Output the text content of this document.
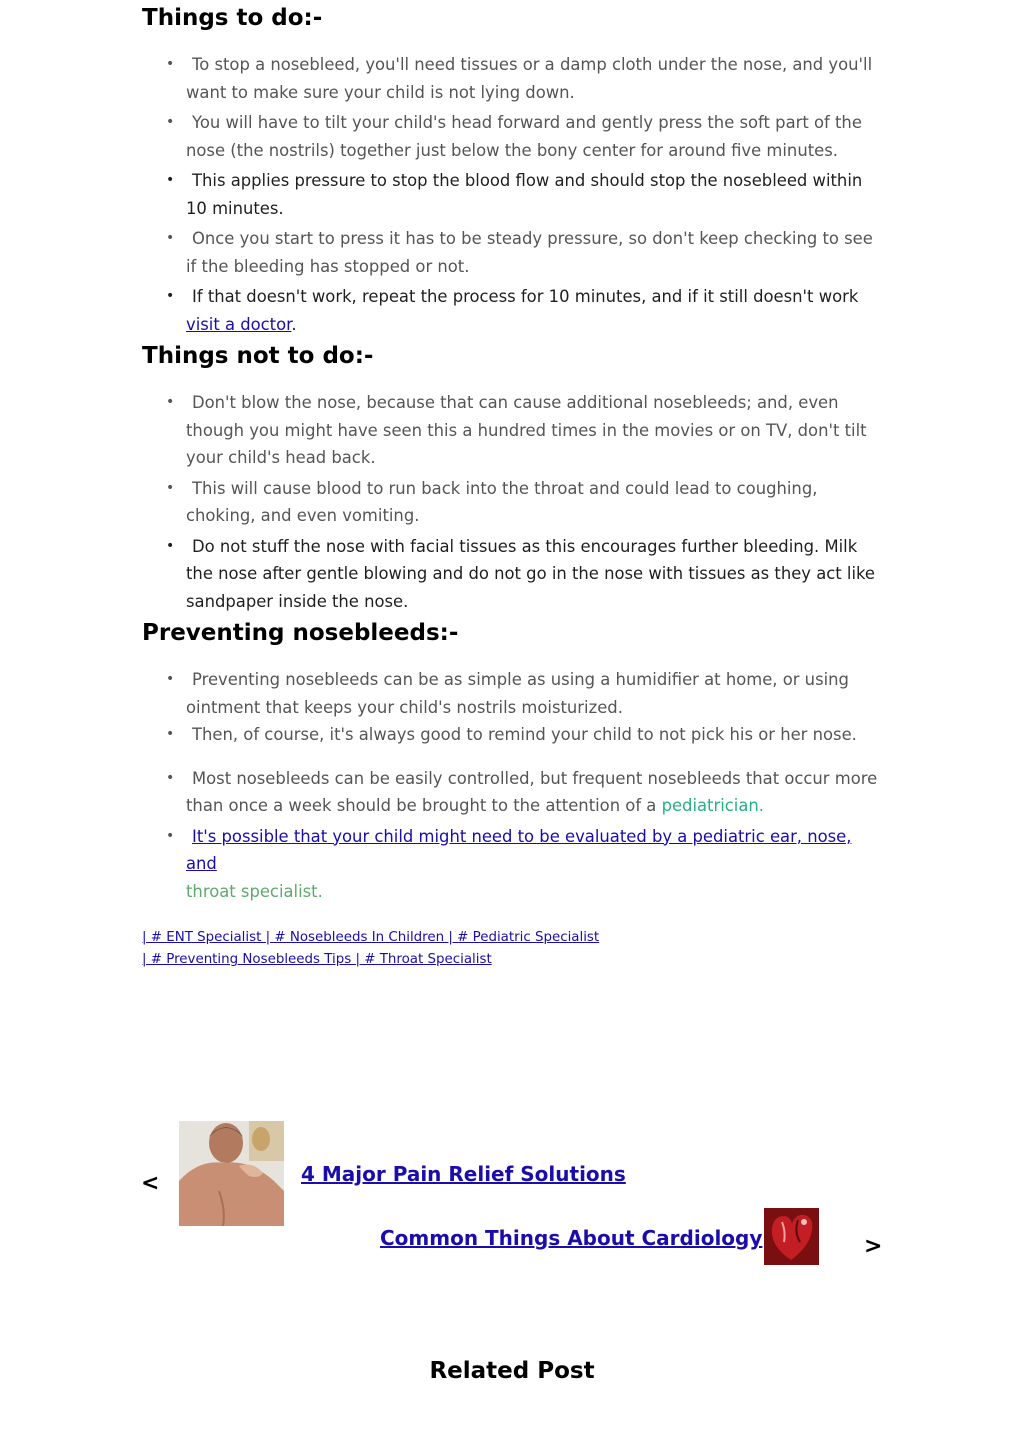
Things to do:-
• To stop a nosebleed, you'll need tissues or a damp cloth under the nose, and you'll want to make sure your child is not lying down.
• You will have to tilt your child's head forward and gently press the soft part of the nose (the nostrils) together just below the bony center for around five minutes.
• This applies pressure to stop the blood flow and should stop the nosebleed within 10 minutes.
• Once you start to press it has to be steady pressure, so don't keep checking to see if the bleeding has stopped or not.
• If that doesn't work, repeat the process for 10 minutes, and if it still doesn't work visit a doctor.
Things not to do:-
• Don't blow the nose, because that can cause additional nosebleeds; and, even though you might have seen this a hundred times in the movies or on TV, don't tilt your child's head back.
• This will cause blood to run back into the throat and could lead to coughing, choking, and even vomiting.
• Do not stuff the nose with facial tissues as this encourages further bleeding. Milk the nose after gentle blowing and do not go in the nose with tissues as they act like sandpaper inside the nose.
Preventing nosebleeds:-
• Preventing nosebleeds can be as simple as using a humidifier at home, or using ointment that keeps your child's nostrils moisturized.
• Then, of course, it's always good to remind your child to not pick his or her nose.
• Most nosebleeds can be easily controlled, but frequent nosebleeds that occur more than once a week should be brought to the attention of a pediatrician.
• It's possible that your child might need to be evaluated by a pediatric ear, nose, and
throat specialist.
| # ENT Specialist | # Nosebleeds In Children | # Pediatric Specialist
| # Preventing Nosebleeds Tips | # Throat Specialist
<	4 Major Pain Relief Solutions
Common Things About Cardiology	>
Related Post
